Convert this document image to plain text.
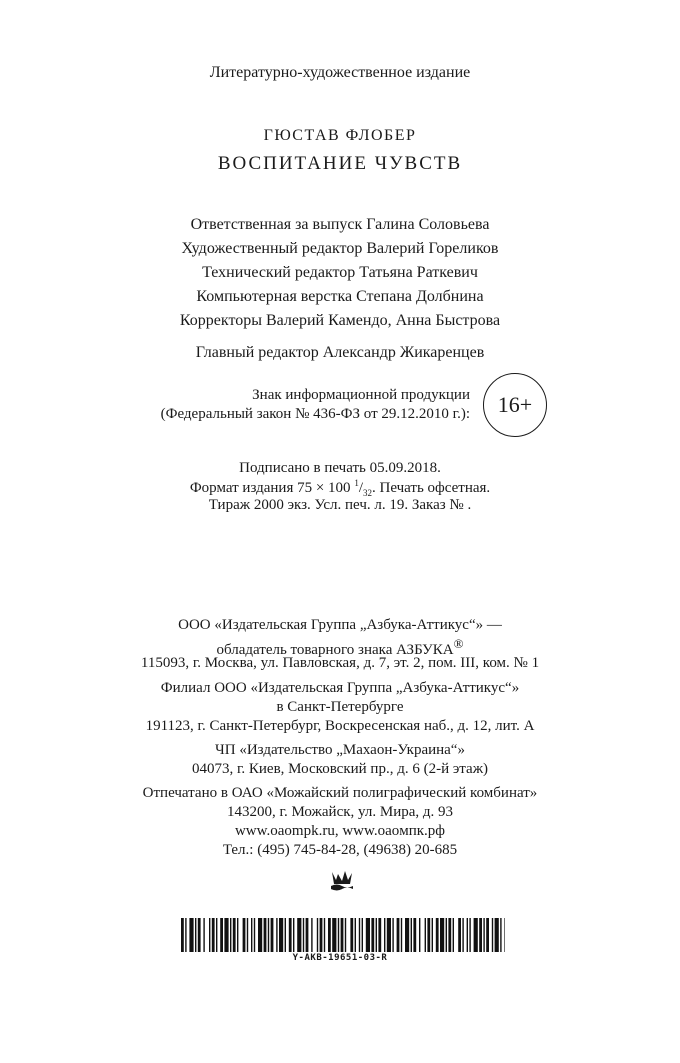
Литературно-художественное издание
ГЮСТАВ ФЛОБЕР
ВОСПИТАНИЕ ЧУВСТВ
Ответственная за выпуск Галина Соловьева
Художественный редактор Валерий Гореликов
Технический редактор Татьяна Раткевич
Компьютерная верстка Степана Долбнина
Корректоры Валерий Камендо, Анна Быстрова
Главный редактор Александр Жикаренцев
Знак информационной продукции
(Федеральный закон № 436-ФЗ от 29.12.2010 г.):	16+
Подписано в печать 05.09.2018.
Формат издания 75 × 100 $^1/_{32}$. Печать офсетная.
Тираж 2000 экз. Усл. печ. л. 19. Заказ № .
ООО «Издательская Группа „Азбука-Аттикус“» —
обладатель товарного знака АЗБУКА®
115093, г. Москва, ул. Павловская, д. 7, эт. 2, пом. III, ком. № 1
Филиал ООО «Издательская Группа „Азбука-Аттикус“»
в Санкт-Петербурге
191123, г. Санкт-Петербург, Воскресенская наб., д. 12, лит. А
ЧП «Издательство „Махаон-Украина“»
04073, г. Киев, Московский пр., д. 6 (2-й этаж)
Отпечатано в ОАО «Можайский полиграфический комбинат»
143200, г. Можайск, ул. Мира, д. 93
www.oaompk.ru, www.oaoмпк.рф
Тел.: (495) 745-84-28, (49638) 20-685
Y-AKB-19651-03-R
